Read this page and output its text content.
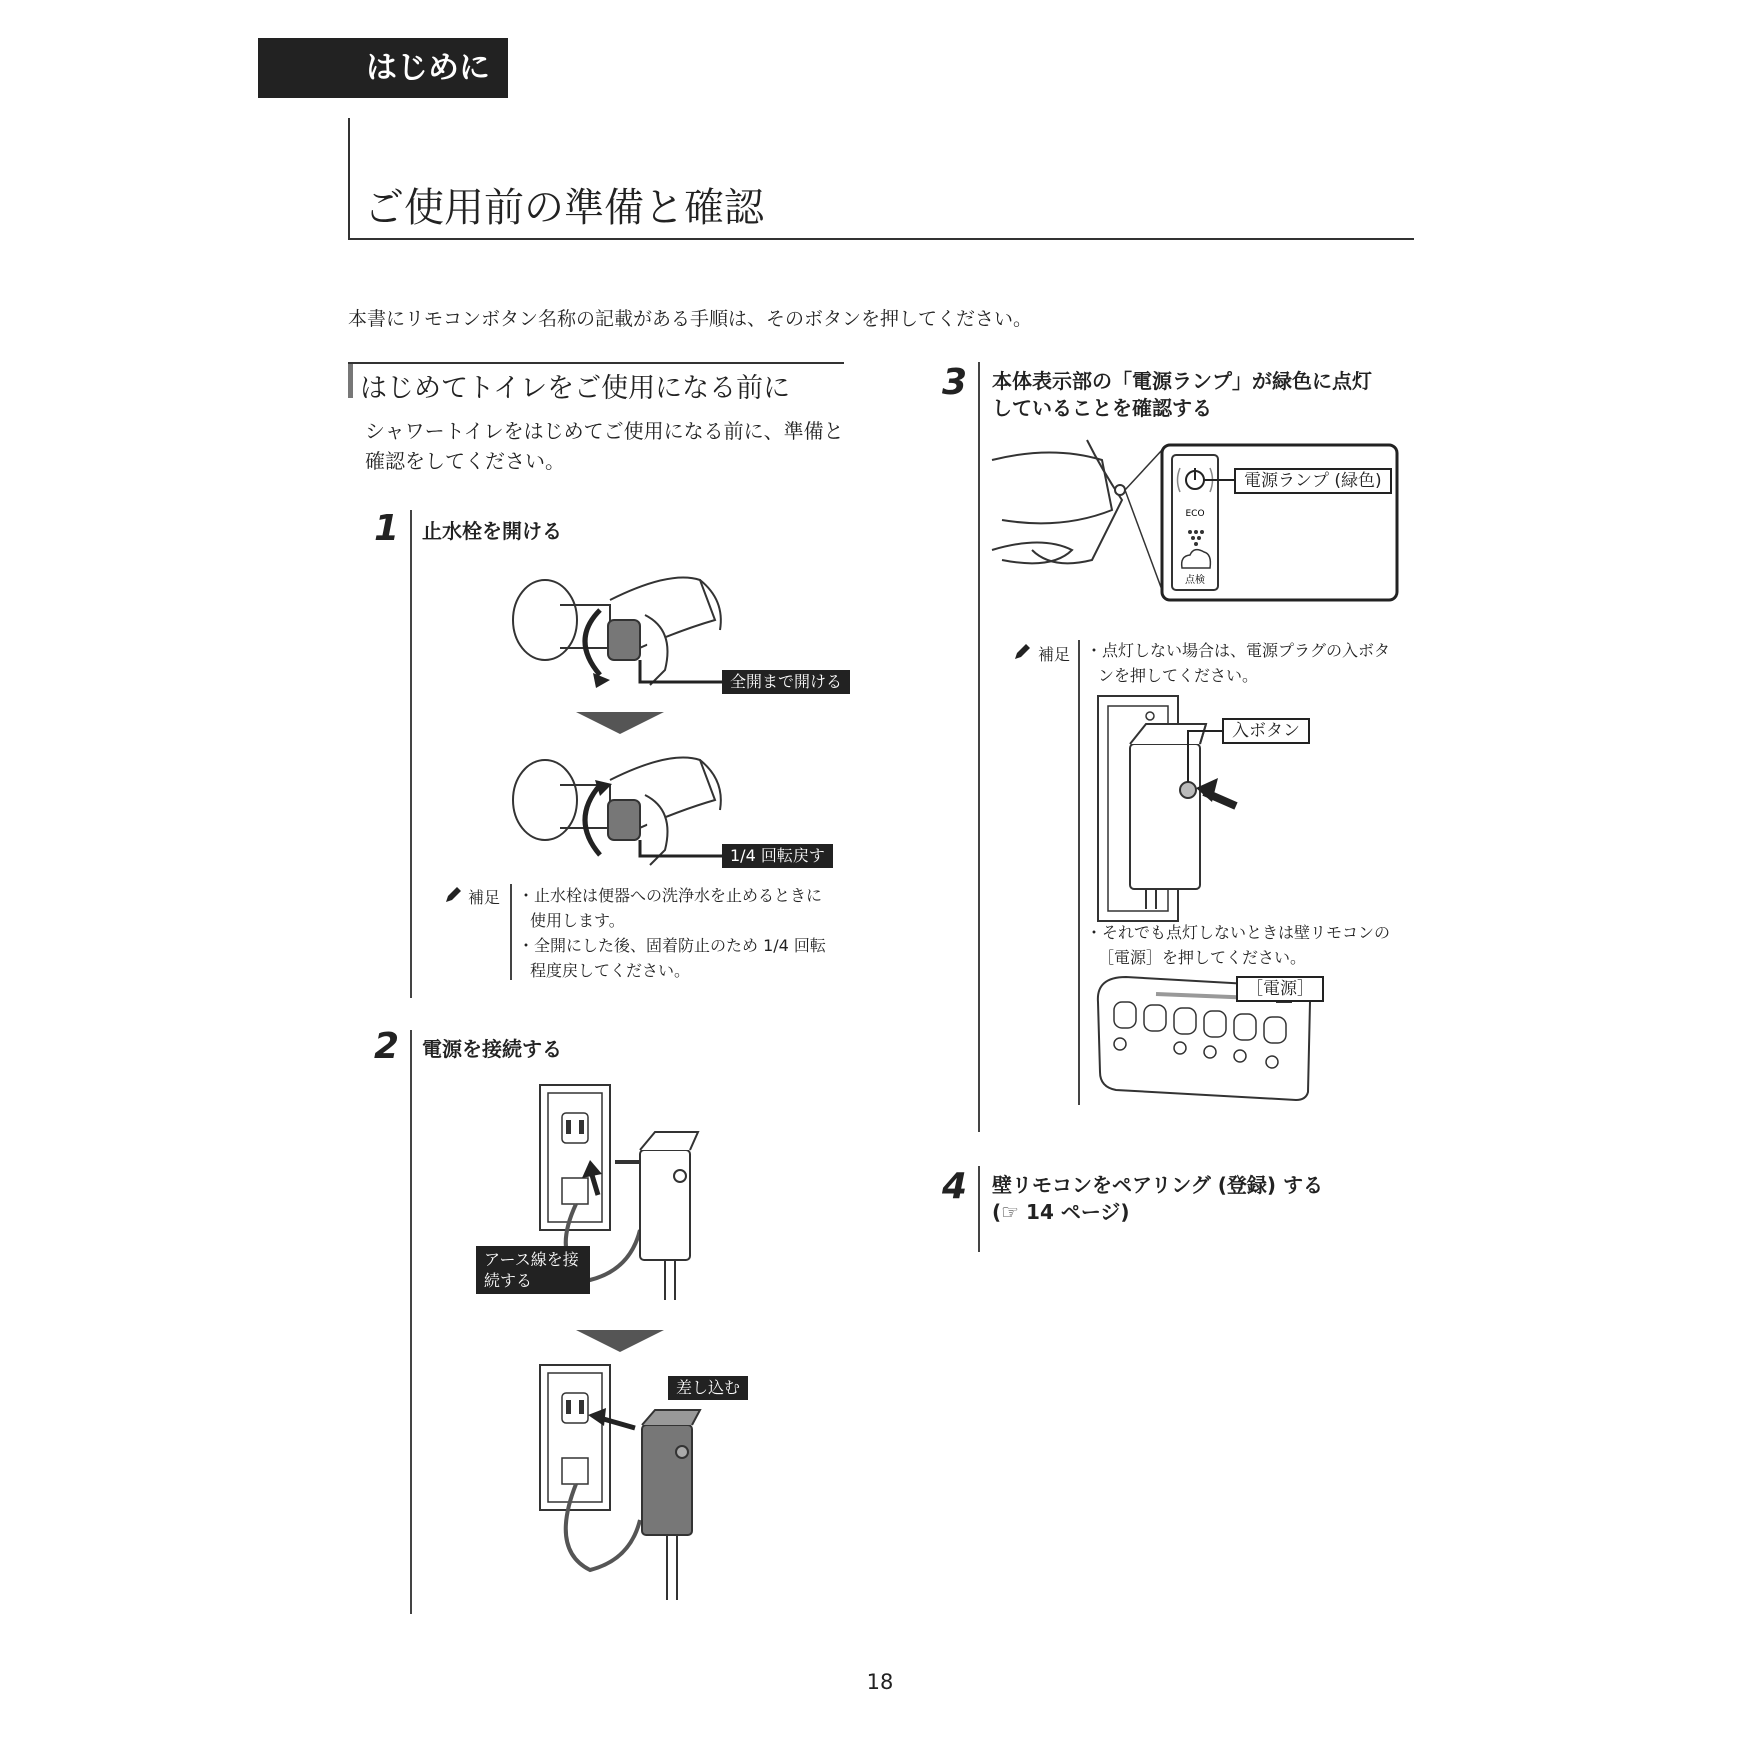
はじめに
ご使用前の準備と確認
本書にリモコンボタン名称の記載がある手順は、そのボタンを押してください。
はじめてトイレをご使用になる前に
シャワートイレをはじめてご使用になる前に、準備と確認をしてください。
1 止水栓を開ける
全開まで開ける
1/4 回転戻す
補足 ・止水栓は便器への洗浄水を止めるときに使用します。

・全開にした後、固着防止のため 1/4 回転程度戻してください。

2 電源を接続する
アース線を接続する
差し込む
3 本体表示部の「電源ランプ」が緑色に点灯
していることを確認する
ECO
点検
電源ランプ (緑色)
補足 ・点灯しない場合は、電源プラグの入ボタンを押してください。

入ボタン

・それでも点灯しないときは壁リモコンの［電源］を押してください。

［電源］
4 壁リモコンをペアリング (登録) する
(☞ 14 ページ)
18
